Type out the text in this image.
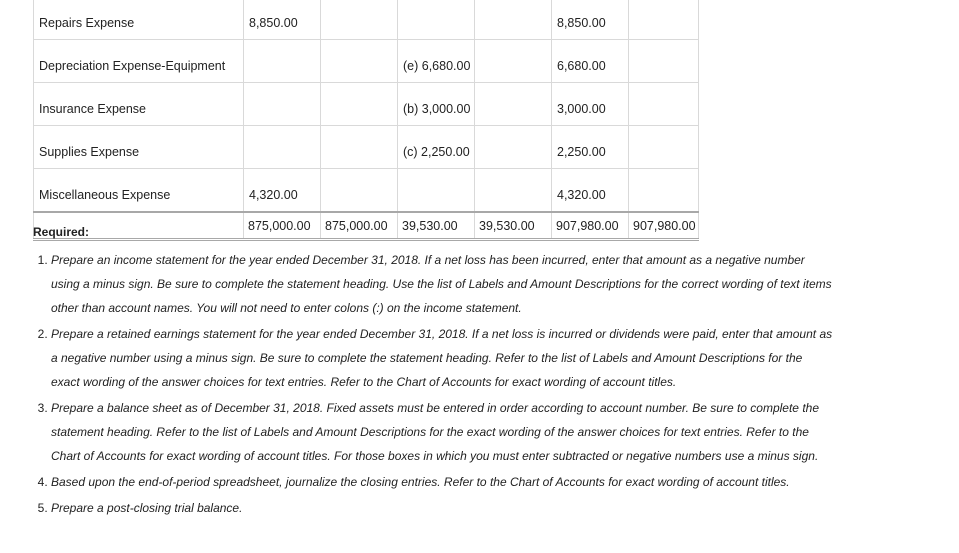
Repairs Expense	8,850.00				8,850.00	
Depreciation Expense-Equipment			(e) 6,680.00		6,680.00	
Insurance Expense			(b) 3,000.00		3,000.00	
Supplies Expense			(c) 2,250.00		2,250.00	
Miscellaneous Expense	4,320.00				4,320.00	
	875,000.00	875,000.00	39,530.00	39,530.00	907,980.00	907,980.00
Required:
1. Prepare an income statement for the year ended December 31, 2018. If a net loss has been incurred, enter that amount as a negative number using a minus sign. Be sure to complete the statement heading. Use the list of Labels and Amount Descriptions for the correct wording of text items other than account names. You will not need to enter colons (:) on the income statement.
2. Prepare a retained earnings statement for the year ended December 31, 2018. If a net loss is incurred or dividends were paid, enter that amount as a negative number using a minus sign. Be sure to complete the statement heading. Refer to the list of Labels and Amount Descriptions for the exact wording of the answer choices for text entries. Refer to the Chart of Accounts for exact wording of account titles.
3. Prepare a balance sheet as of December 31, 2018. Fixed assets must be entered in order according to account number. Be sure to complete the statement heading. Refer to the list of Labels and Amount Descriptions for the exact wording of the answer choices for text entries. Refer to the Chart of Accounts for exact wording of account titles. For those boxes in which you must enter subtracted or negative numbers use a minus sign.
4. Based upon the end-of-period spreadsheet, journalize the closing entries. Refer to the Chart of Accounts for exact wording of account titles.
5. Prepare a post-closing trial balance.
